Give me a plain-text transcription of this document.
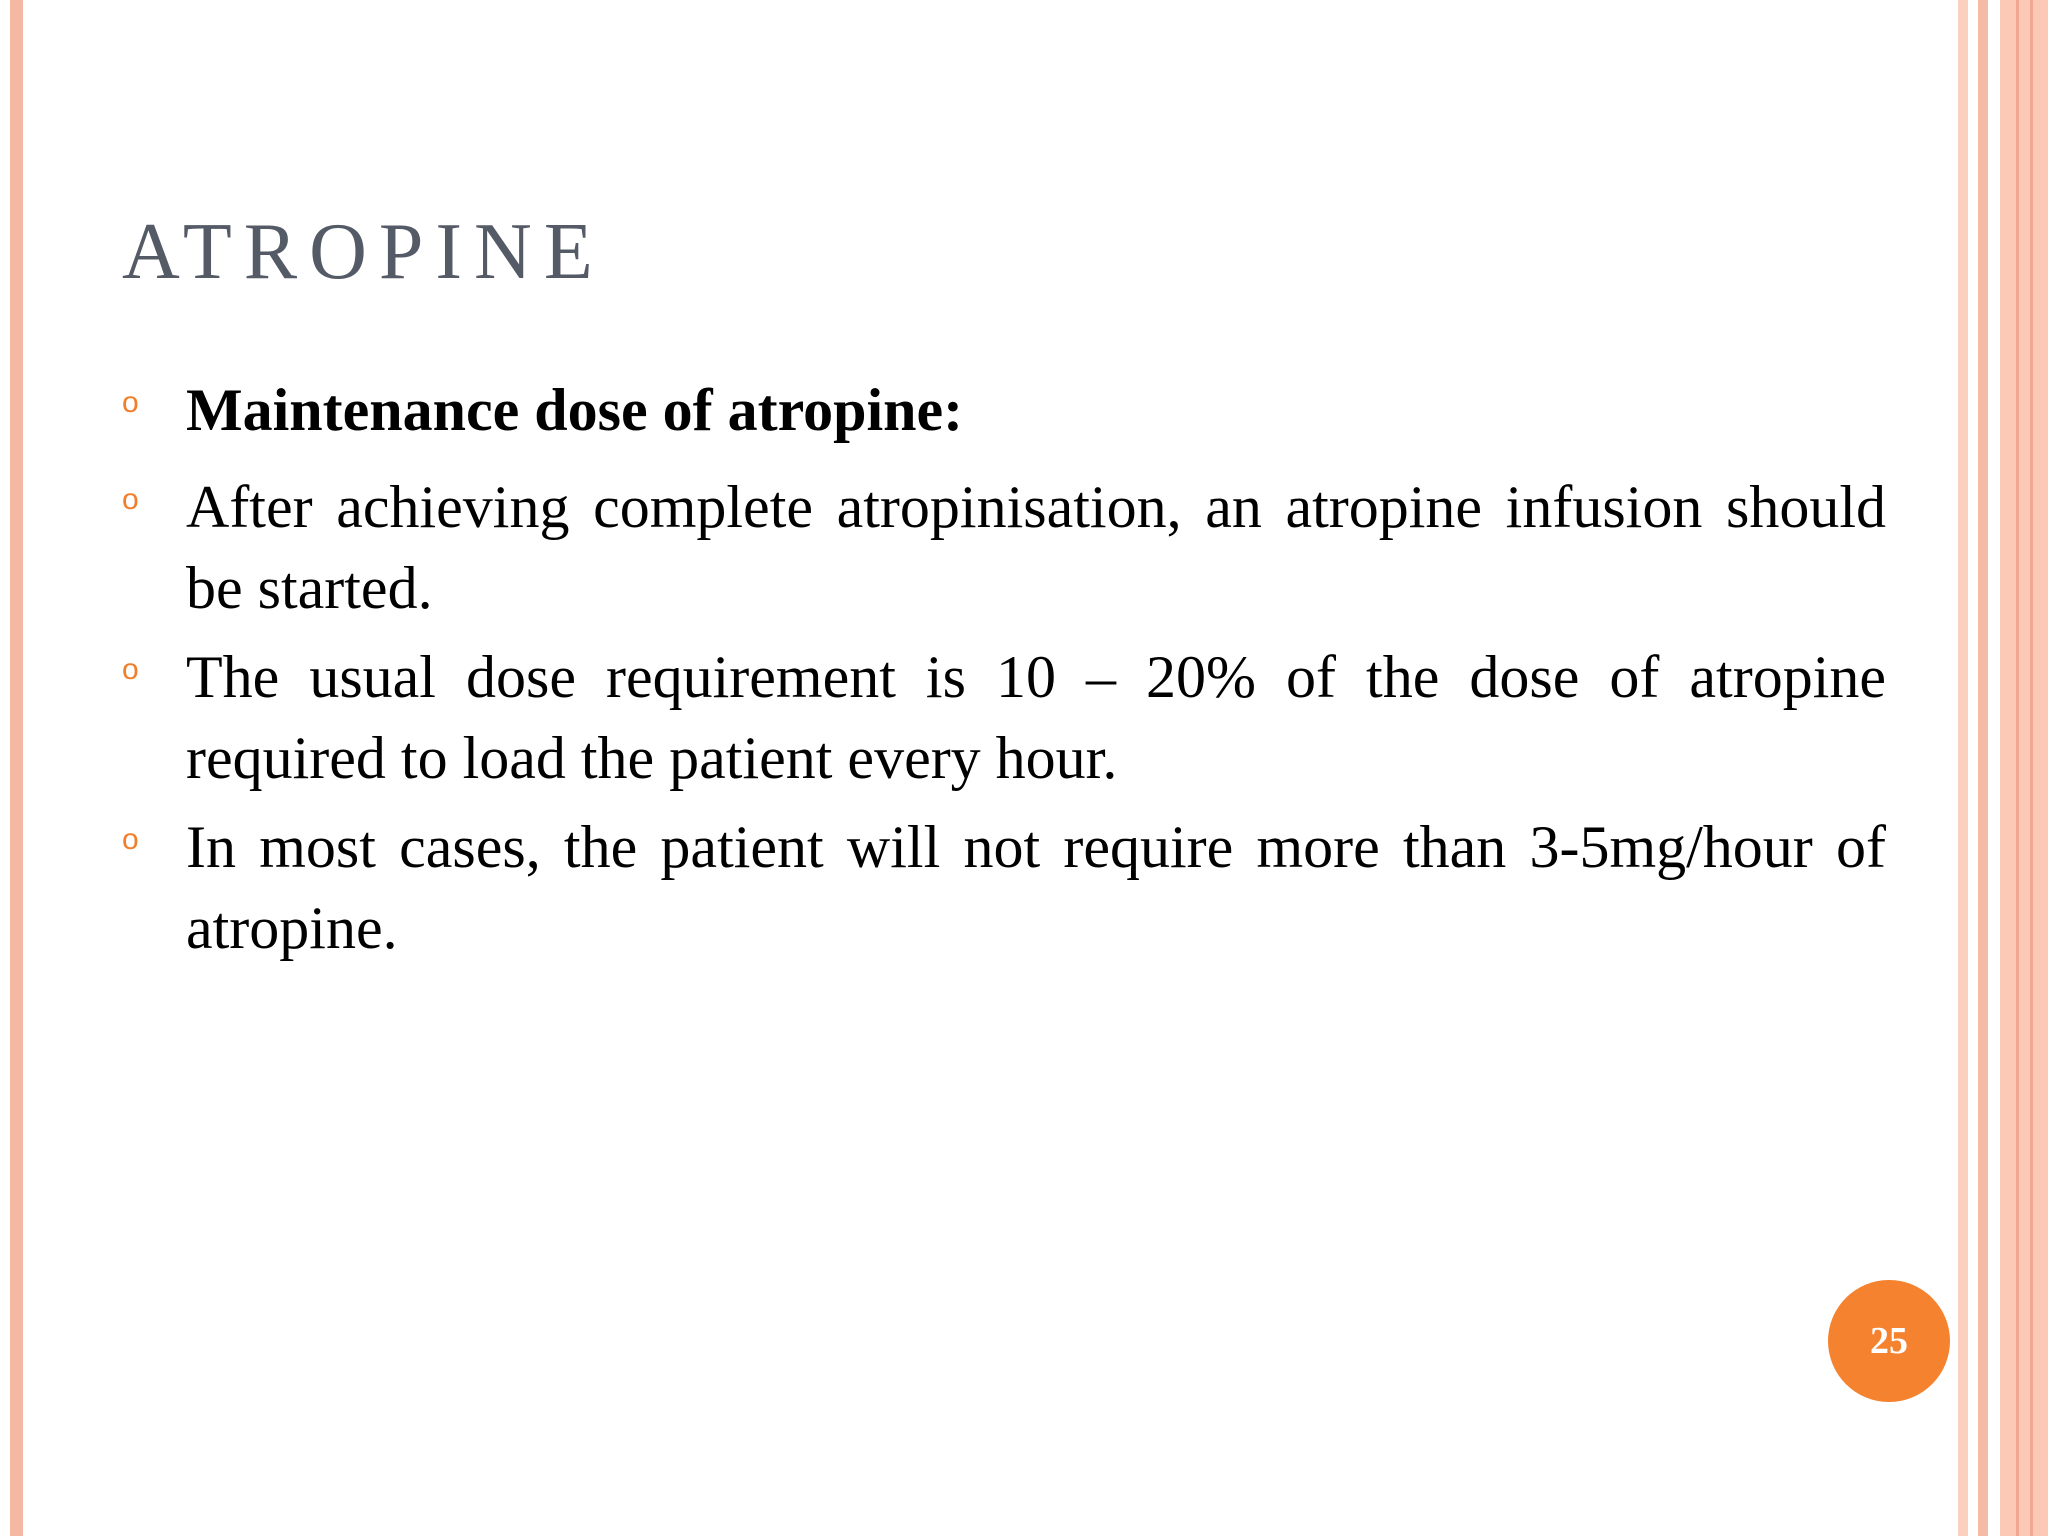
ATROPINE
o Maintenance dose of atropine:
o After achieving complete atropinisation, an atropine infusion should be started.
o The usual dose requirement is 10 – 20% of the dose of atropine required to load the patient every hour.
o In most cases, the patient will not require more than 3-5mg/hour of atropine.
25
